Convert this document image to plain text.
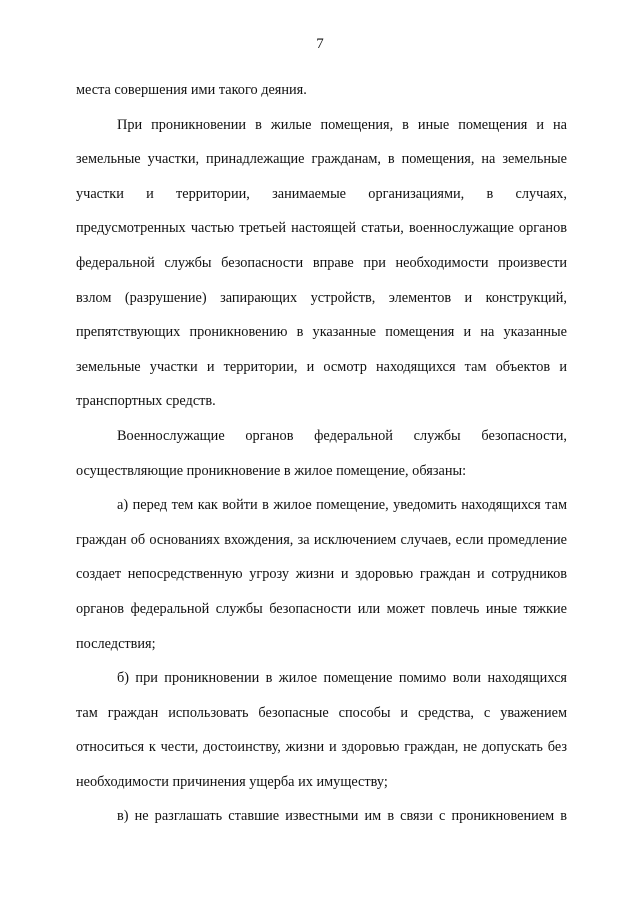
7

места совершения ими такого деяния.

При проникновении в жилые помещения, в иные помещения и на земельные участки, принадлежащие гражданам, в помещения, на земельные участки и территории, занимаемые организациями, в случаях, предусмотренных частью третьей настоящей статьи, военнослужащие органов федеральной службы безопасности вправе при необходимости произвести взлом (разрушение) запирающих устройств, элементов и конструкций, препятствующих проникновению в указанные помещения и на указанные земельные участки и территории, и осмотр находящихся там объектов и транспортных средств.

Военнослужащие органов федеральной службы безопасности, осуществляющие проникновение в жилое помещение, обязаны:

а) перед тем как войти в жилое помещение, уведомить находящихся там граждан об основаниях вхождения, за исключением случаев, если промедление создает непосредственную угрозу жизни и здоровью граждан и сотрудников органов федеральной службы безопасности или может повлечь иные тяжкие последствия;

б) при проникновении в жилое помещение помимо воли находящихся там граждан использовать безопасные способы и средства, с уважением относиться к чести, достоинству, жизни и здоровью граждан, не допускать без необходимости причинения ущерба их имуществу;

в) не разглашать ставшие известными им в связи с проникновением в
